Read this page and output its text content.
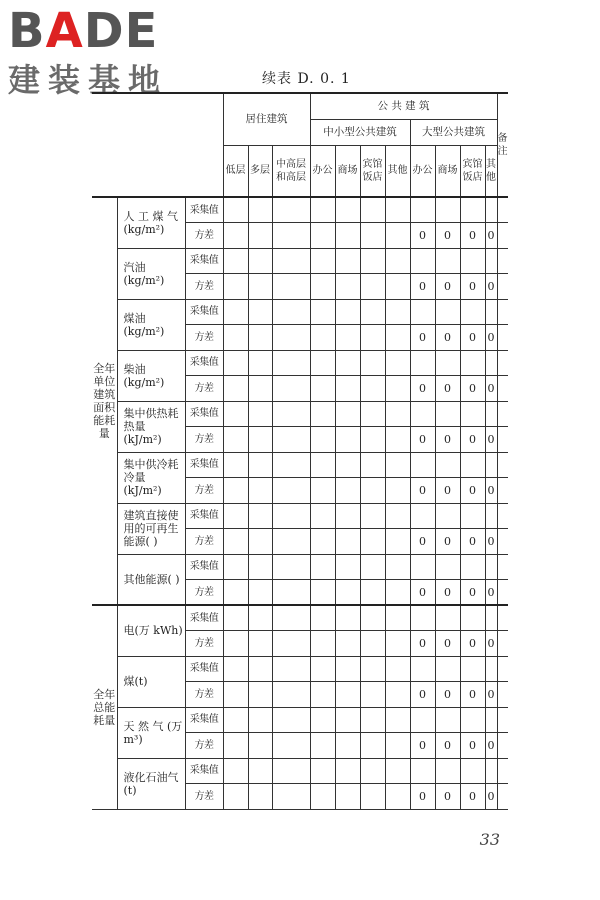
BADE
建装基地	续表 D. 0. 1
			居住建筑			公 共 建 筑								备注
						中小型公共建筑				大型公共建筑				
			低层	多层	中高层和高层	办公	商场	宾馆饭店	其他	办公	商场	宾馆饭店	其他	
全年单位建筑面积能耗量	人 工 煤 气 (kg/m²)	采集值												
		方差								0	0	0	0	
	汽油(kg/m²)	采集值												
		方差								0	0	0	0	
	煤油(kg/m²)	采集值												
		方差								0	0	0	0	
	柴油(kg/m²)	采集值												
		方差								0	0	0	0	
	集中供热耗热量 (kJ/m²)	采集值												
		方差								0	0	0	0	
	集中供冷耗冷量 (kJ/m²)	采集值												
		方差								0	0	0	0	
	建筑直接使用的可再生能源( )	采集值												
		方差								0	0	0	0	
	其他能源( )	采集值												
		方差								0	0	0	0	
全年总能耗量	电(万 kWh)	采集值												
		方差								0	0	0	0	
	煤(t)	采集值												
		方差								0	0	0	0	
	天 然 气 (万 m³)	采集值												
		方差								0	0	0	0	
	液化石油气 (t)	采集值												
		方差								0	0	0	0	
33
